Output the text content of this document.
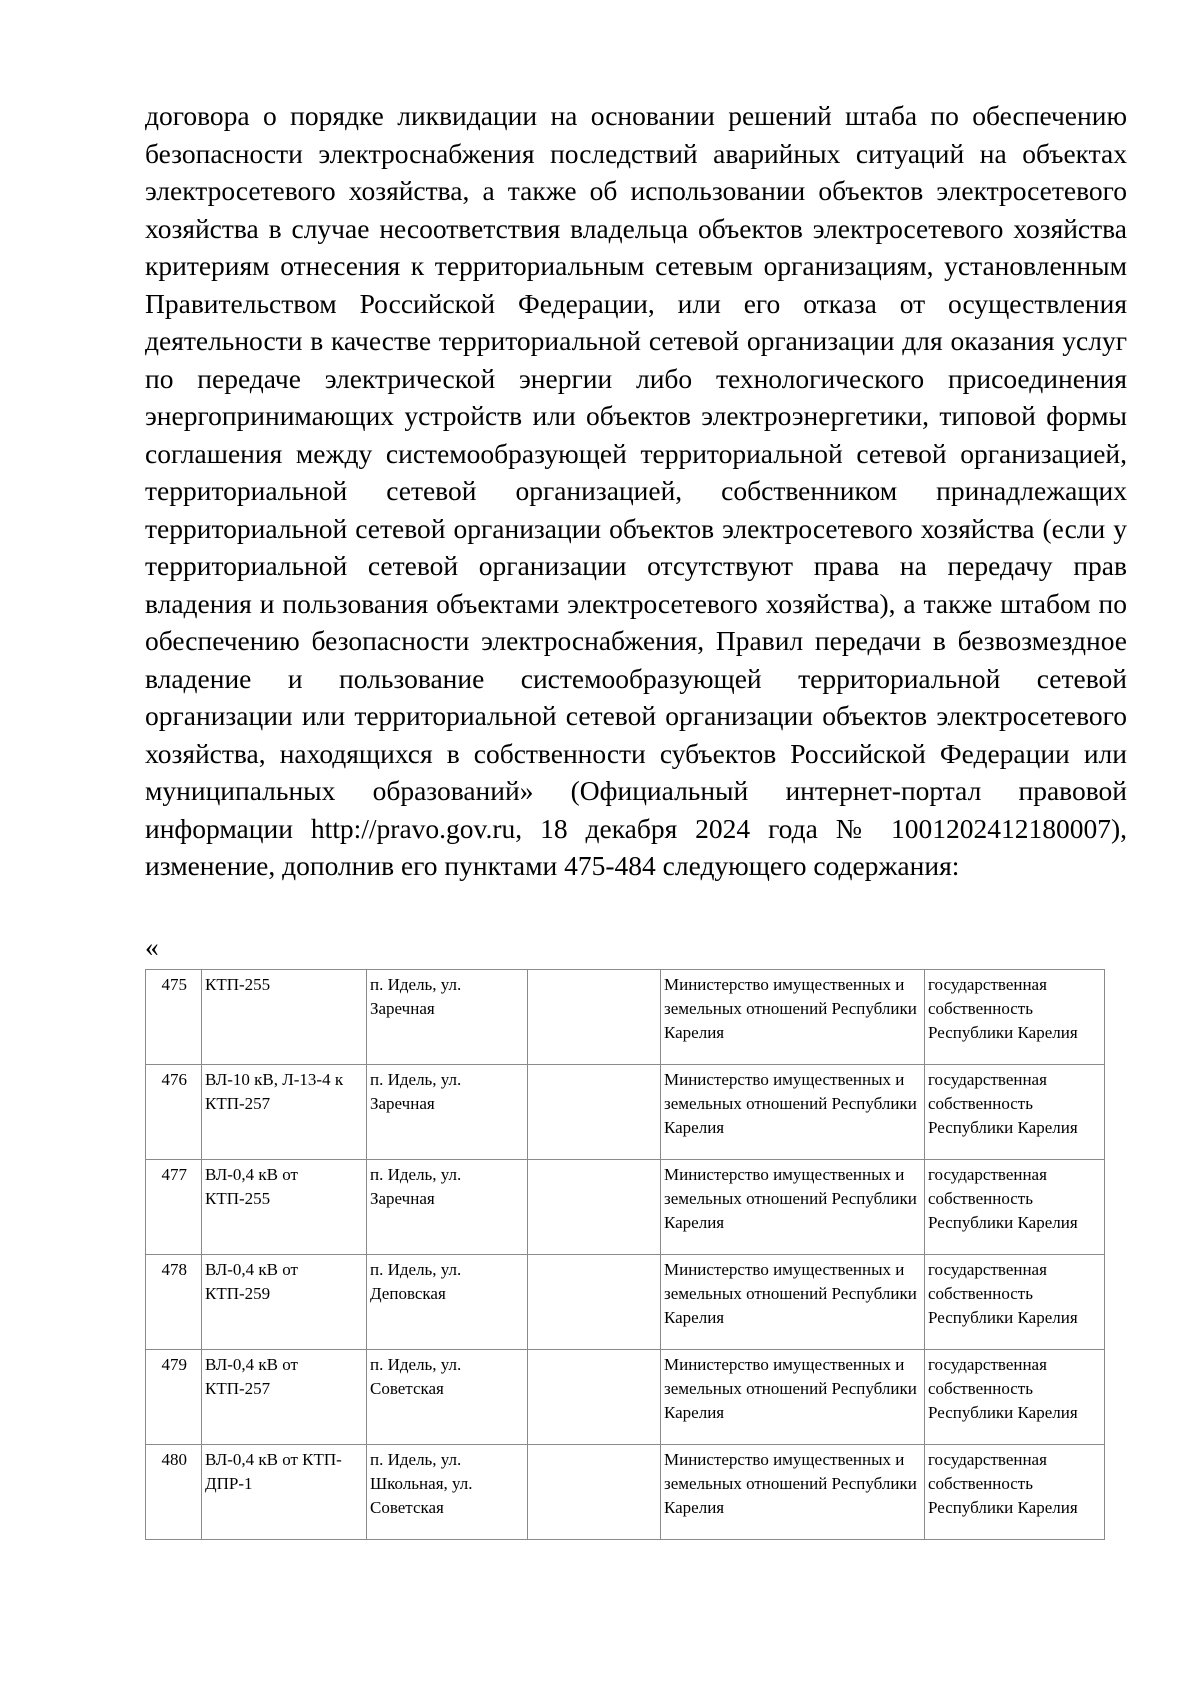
договора о порядке ликвидации на основании решений штаба по обеспечению безопасности электроснабжения последствий аварийных ситуаций на объектах электросетевого хозяйства, а также об использовании объектов электросетевого хозяйства в случае несоответствия владельца объектов электросетевого хозяйства критериям отнесения к территориальным сетевым организациям, установленным Правительством Российской Федерации, или его отказа от осуществления деятельности в качестве территориальной сетевой организации для оказания услуг по передаче электрической энергии либо технологического присоединения энергопринимающих устройств или объектов электроэнергетики, типовой формы соглашения между системообразующей территориальной сетевой организацией, территориальной сетевой организацией, собственником принадлежащих территориальной сетевой организации объектов электросетевого хозяйства (если у территориальной сетевой организации отсутствуют права на передачу прав владения и пользования объектами электросетевого хозяйства), а также штабом по обеспечению безопасности электроснабжения, Правил передачи в безвозмездное владение и пользование системообразующей территориальной сетевой организации или территориальной сетевой организации объектов электросетевого хозяйства, находящихся в собственности субъектов Российской Федерации или муниципальных образований» (Официальный интернет-портал правовой информации http://pravo.gov.ru, 18 декабря 2024 года № 1001202412180007), изменение, дополнив его пунктами 475-484 следующего содержания:

«

475	КТП-255	п. Идель, ул. Заречная		Министерство имущественных и земельных отношений Республики Карелия	государственная собственность Республики Карелия
476	ВЛ-10 кВ, Л-13-4 к КТП-257	п. Идель, ул. Заречная		Министерство имущественных и земельных отношений Республики Карелия	государственная собственность Республики Карелия
477	ВЛ-0,4 кВ от КТП-255	п. Идель, ул. Заречная		Министерство имущественных и земельных отношений Республики Карелия	государственная собственность Республики Карелия
478	ВЛ-0,4 кВ от КТП-259	п. Идель, ул. Деповская		Министерство имущественных и земельных отношений Республики Карелия	государственная собственность Республики Карелия
479	ВЛ-0,4 кВ от КТП-257	п. Идель, ул. Советская		Министерство имущественных и земельных отношений Республики Карелия	государственная собственность Республики Карелия
480	ВЛ-0,4 кВ от КТП-ДПР-1	п. Идель, ул. Школьная, ул. Советская		Министерство имущественных и земельных отношений Республики Карелия	государственная собственность Республики Карелия
